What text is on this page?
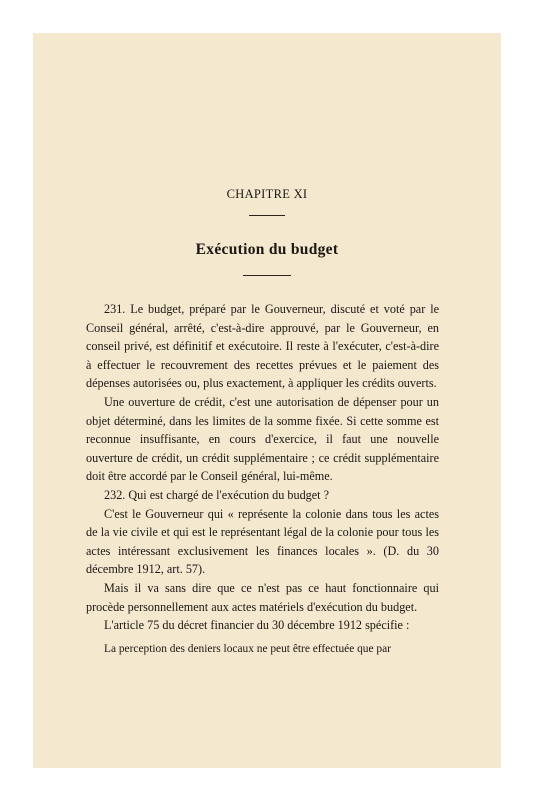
CHAPITRE XI
Exécution du budget

231. Le budget, préparé par le Gouverneur, discuté et voté par le Conseil général, arrêté, c'est-à-dire approuvé, par le Gouverneur, en conseil privé, est définitif et exécutoire. Il reste à l'exécuter, c'est-à-dire à effectuer le recouvrement des recettes prévues et le paiement des dépenses autorisées ou, plus exactement, à appliquer les crédits ouverts.

Une ouverture de crédit, c'est une autorisation de dépenser pour un objet déterminé, dans les limites de la somme fixée. Si cette somme est reconnue insuffisante, en cours d'exercice, il faut une nouvelle ouverture de crédit, un crédit supplémentaire ; ce crédit supplémentaire doit être accordé par le Conseil général, lui-même.

232. Qui est chargé de l'exécution du budget ?

C'est le Gouverneur qui « représente la colonie dans tous les actes de la vie civile et qui est le représentant légal de la colonie pour tous les actes intéressant exclusivement les finances locales ». (D. du 30 décembre 1912, art. 57).

Mais il va sans dire que ce n'est pas ce haut fonctionnaire qui procède personnellement aux actes matériels d'exécution du budget.

L'article 75 du décret financier du 30 décembre 1912 spécifie :

La perception des deniers locaux ne peut être effectuée que par
